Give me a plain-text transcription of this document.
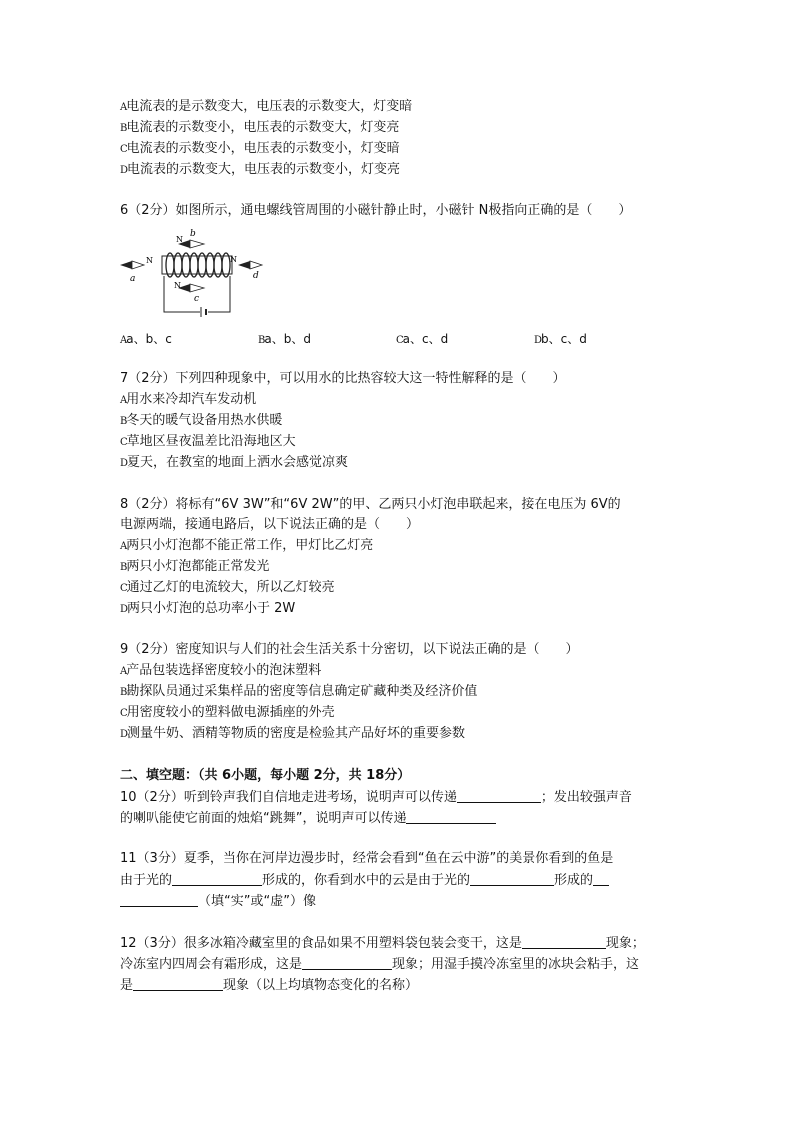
A电流表的是示数变大，电压表的示数变大，灯变暗
B电流表的示数变小，电压表的示数变大，灯变亮
C电流表的示数变小，电压表的示数变小，灯变暗
D电流表的示数变大，电压表的示数变小，灯变亮
6（2分）如图所示，通电螺线管周围的小磁针静止时，小磁针 N极指向正确的是（　　）
N
a
N
b
N
c
N
d
Aa、b、c	Ba、b、d	Ca、c、d	Db、c、d
7（2分）下列四种现象中，可以用水的比热容较大这一特性解释的是（　　）
A用水来冷却汽车发动机
B冬天的暖气设备用热水供暖
C草地区昼夜温差比沿海地区大
D夏天，在教室的地面上洒水会感觉凉爽
8（2分）将标有“6V 3W”和“6V 2W”的甲、乙两只小灯泡串联起来，接在电压为 6V的
电源两端，接通电路后，以下说法正确的是（　　）
A两只小灯泡都不能正常工作，甲灯比乙灯亮
B两只小灯泡都能正常发光
C通过乙灯的电流较大，所以乙灯较亮
D两只小灯泡的总功率小于 2W
9（2分）密度知识与人们的社会生活关系十分密切，以下说法正确的是（　　）
A产品包装选择密度较小的泡沫塑料
B勘探队员通过采集样品的密度等信息确定矿藏种类及经济价值
C用密度较小的塑料做电源插座的外壳
D测量牛奶、酒精等物质的密度是检验其产品好坏的重要参数
二、填空题：（共 6小题，每小题 2分，共 18分）
10（2分）听到铃声我们自信地走进考场，说明声可以传递	；发出较强声音
的喇叭能使它前面的烛焰“跳舞”，说明声可以传递
11（3分）夏季，当你在河岸边漫步时，经常会看到“鱼在云中游”的美景你看到的鱼是
由于光的	形成的，你看到水中的云是由于光的	形成的
（填“实”或“虚”）像
12（3分）很多冰箱冷藏室里的食品如果不用塑料袋包装会变干，这是	现象；
冷冻室内四周会有霜形成，这是	现象；用湿手摸冷冻室里的冰块会粘手，这
是	现象（以上均填物态变化的名称）
